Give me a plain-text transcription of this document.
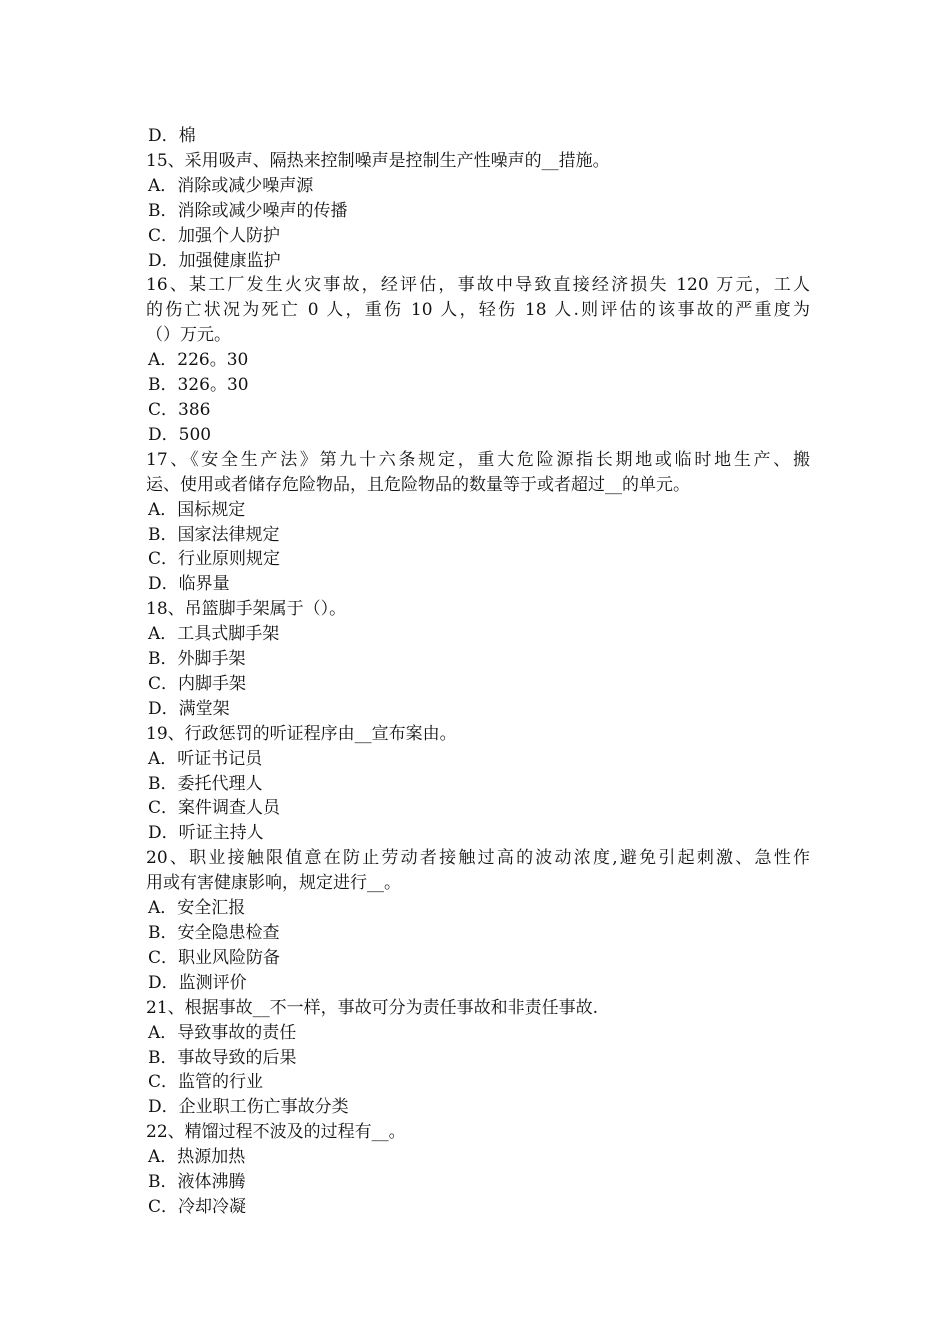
D．棉
15、采用吸声、隔热来控制噪声是控制生产性噪声的__措施。
A．消除或减少噪声源
B．消除或减少噪声的传播
C．加强个人防护
D．加强健康监护
16、某工厂发生火灾事故，经评估，事故中导致直接经济损失 120 万元，工人
的伤亡状况为死亡 0 人，重伤 10 人，轻伤 18 人.则评估的该事故的严重度为
（）万元。
A．226。30
B．326。30
C．386
D．500
17、《安全生产法》第九十六条规定，重大危险源指长期地或临时地生产、搬
运、使用或者储存危险物品，且危险物品的数量等于或者超过__的单元。
A．国标规定
B．国家法律规定
C．行业原则规定
D．临界量
18、吊篮脚手架属于（）。
A．工具式脚手架
B．外脚手架
C．内脚手架
D．满堂架
19、行政惩罚的听证程序由__宣布案由。
A．听证书记员
B．委托代理人
C．案件调查人员
D．听证主持人
20、职业接触限值意在防止劳动者接触过高的波动浓度,避免引起刺激、急性作
用或有害健康影响，规定进行__。
A．安全汇报
B．安全隐患检查
C．职业风险防备
D．监测评价
21、根据事故__不一样，事故可分为责任事故和非责任事故.
A．导致事故的责任
B．事故导致的后果
C．监管的行业
D．企业职工伤亡事故分类
22、精馏过程不波及的过程有__。
A．热源加热
B．液体沸腾
C．冷却冷凝
